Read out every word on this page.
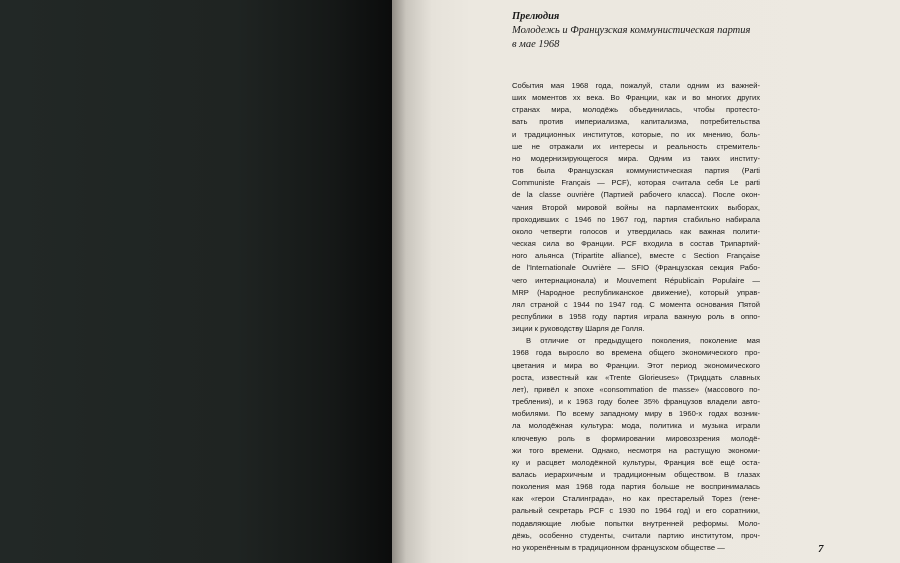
Прелюдия

Молодежь и Французская коммунистическая партия

в мае 1968

События мая 1968 года, пожалуй, стали одним из важней-
ших моментов xx века. Во Франции, как и во многих других
странах мира, молодёжь объединилась, чтобы протесто-
вать против империализма, капитализма, потребительства
и традиционных институтов, которые, по их мнению, боль-
ше не отражали их интересы и реальность стремитель-
но модернизирующегося мира. Одним из таких институ-
тов была Французская коммунистическая партия (Parti
Communiste Français — PCF), которая считала себя Le parti
de la classe ouvrière (Партией рабочего класса). После окон-
чания Второй мировой войны на парламентских выборах,
проходивших с 1946 по 1967 год, партия стабильно набирала
около четверти голосов и утвердилась как важная полити-
ческая сила во Франции. PCF входила в состав Трипартий-
ного альянса (Tripartite alliance), вместе с Section Française
de l'Internationale Ouvrière — SFIO (Французская секция Рабо-
чего интернационала) и Mouvement Républicain Populaire —
MRP (Народное республиканское движение), который управ-
лял страной с 1944 по 1947 год. С момента основания Пятой
республики в 1958 году партия играла важную роль в оппо-
зиции к руководству Шарля де Голля.
В отличие от предыдущего поколения, поколение мая
1968 года выросло во времена общего экономического про-
цветания и мира во Франции. Этот период экономического
роста, известный как «Trente Glorieuses» (Тридцать славных
лет), привёл к эпохе «consommation de masse» (массового по-
требления), и к 1963 году более 35% французов владели авто-
мобилями. По всему западному миру в 1960-х годах возник-
ла молодёжная культура: мода, политика и музыка играли
ключевую роль в формировании мировоззрения молодё-
жи того времени. Однако, несмотря на растущую экономи-
ку и расцвет молодёжной культуры, Франция всё ещё оста-
валась иерархичным и традиционным обществом. В глазах
поколения мая 1968 года партия больше не воспринималась
как «герои Сталинграда», но как престарелый Торез (гене-
ральный секретарь PCF с 1930 по 1964 год) и его соратники,
подавляющие любые попытки внутренней реформы. Моло-
дёжь, особенно студенты, считали партию институтом, проч-
но укоренённым в традиционном французском обществе —	7
